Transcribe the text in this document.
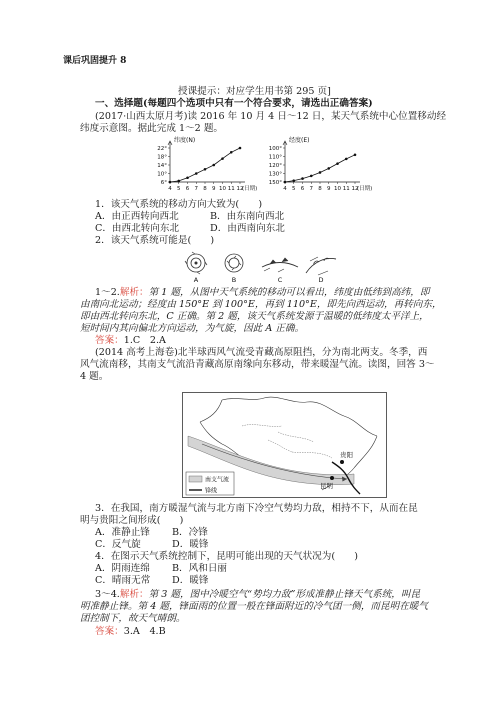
课后巩固提升 8
授课提示：对应学生用书第 295 页]
一、选择题(每题四个选项中只有一个符合要求，请选出正确答案)
(2017·山西太原月考)读 2016 年 10 月 4 日～12 日，某天气系统中心位置移动经
纬度示意图。据此完成 1～2 题。
纬度(N)
6°
10°
14°
18°
22°
4 5 6 7 8 9 10 11 12
(日期)
经度(E)
150°
130°
120°
110°
100°
4 5 6 7 8 9 10 11 12
(日期)
1．该天气系统的移动方向大致为(　　)
A．由正西转向西北	B．由东南向西北
C．由西北转向东北	D．由西南向东北
2．该天气系统可能是(　　)
A	B	C	D
1～2.解析：第 1 题，从图中天气系统的移动可以看出，纬度由低纬到高纬，即
由南向北运动；经度由 150°E 到 100°E，再到 110°E，即先向西运动，再转向东，
即由西北转向东北，C 正确。第 2 题，该天气系统发源于温暖的低纬度太平洋上，
短时间内其向偏北方向运动，为气旋，因此 A 正确。
答案：1.C　2.A
(2014 高考上海卷)北半球西风气流受青藏高原阻挡，分为南北两支。冬季，西
风气流南移，其南支气流沿青藏高原南缘向东移动，带来暖湿气流。读图，回答 3～
4 题。
贵阳
昆明
南支气流
锋线
3．在我国，南方暖湿气流与北方南下冷空气势均力敌，相持不下，从而在昆
明与贵阳之间形成(　　)
A．准静止锋 B．冷锋
C．反气旋	D．暖锋
4．在图示天气系统控制下，昆明可能出现的天气状况为(　　)
A．阴雨连绵 B．风和日丽
C．晴雨无常 D．暖锋
3～4.解析：第 3 题，图中冷暖空气“势均力敌”形成准静止锋天气系统，叫昆
明准静止锋。第 4 题，锋面雨的位置一般在锋面附近的冷气团一侧，而昆明在暖气
团控制下，故天气晴朗。
答案：3.A　4.B
